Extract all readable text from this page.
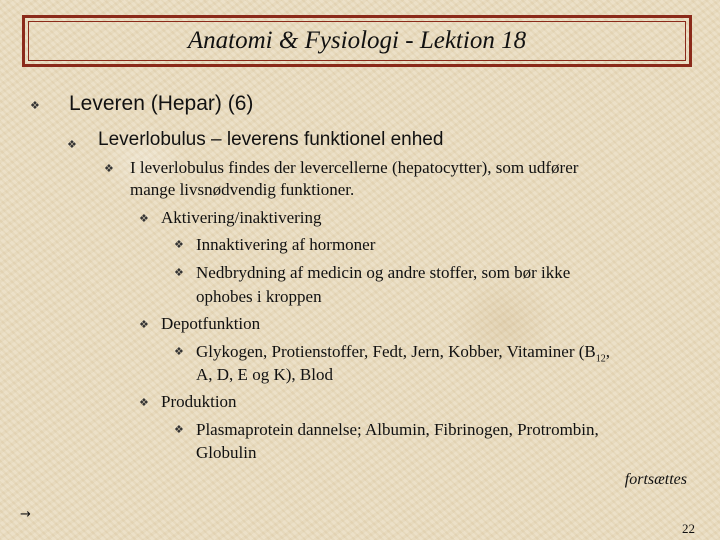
Anatomi & Fysiologi - Lektion 18
❖ Leveren (Hepar) (6)
❖ Leverlobulus – leverens funktionel enhed
❖ I leverlobulus findes der levercellerne (hepatocytter), som udfører
mange livsnødvendig funktioner.
❖ Aktivering/inaktivering
❖ Innaktivering af hormoner
❖ Nedbrydning af medicin og andre stoffer, som bør ikke
ophobes i kroppen
❖ Depotfunktion
❖ Glykogen, Protienstoffer, Fedt, Jern, Kobber, Vitaminer ($B_{12}$,
A, D, E og K), Blod
❖ Produktion
❖ Plasmaprotein dannelse; Albumin, Fibrinogen, Protrombin,
Globulin
fortsættes
→
22
